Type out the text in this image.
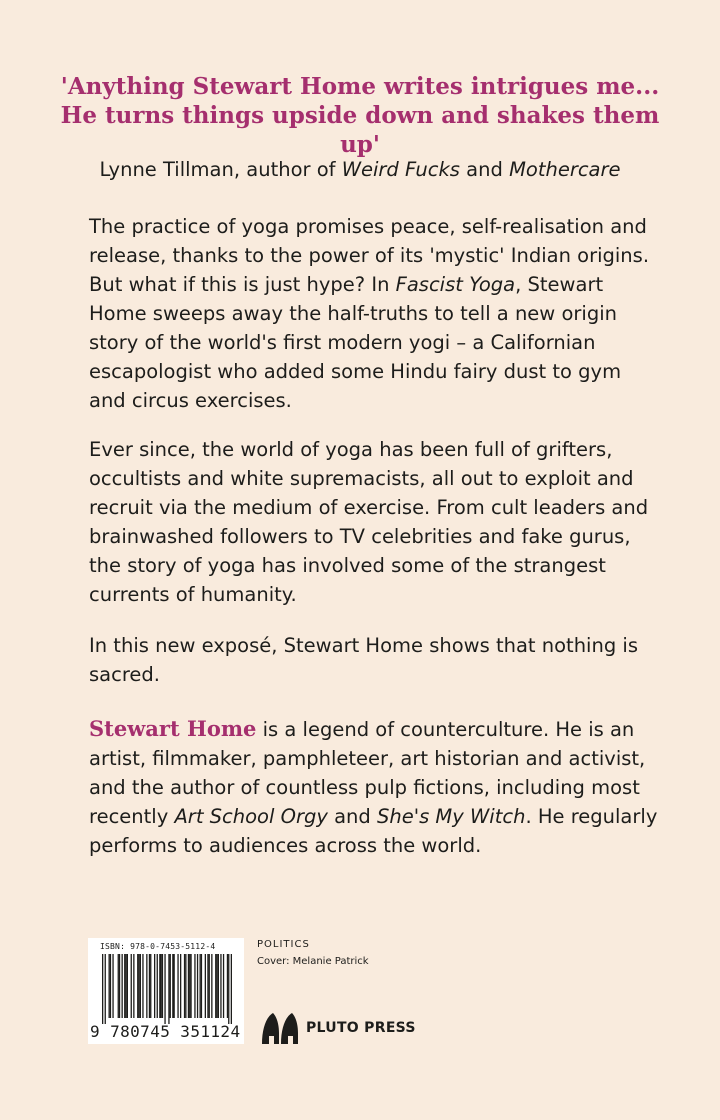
'Anything Stewart Home writes intrigues me... He turns things upside down and shakes them up'

Lynne Tillman, author of Weird Fucks and Mothercare

The practice of yoga promises peace, self-realisation and release, thanks to the power of its 'mystic' Indian origins. But what if this is just hype? In Fascist Yoga, Stewart Home sweeps away the half-truths to tell a new origin story of the world's first modern yogi – a Californian escapologist who added some Hindu fairy dust to gym and circus exercises.

Ever since, the world of yoga has been full of grifters, occultists and white supremacists, all out to exploit and recruit via the medium of exercise. From cult leaders and brainwashed followers to TV celebrities and fake gurus, the story of yoga has involved some of the strangest currents of humanity.

In this new exposé, Stewart Home shows that nothing is sacred.

Stewart Home is a legend of counterculture. He is an artist, filmmaker, pamphleteer, art historian and activist, and the author of countless pulp fictions, including most recently Art School Orgy and She's My Witch. He regularly performs to audiences across the world.

ISBN: 978-0-7453-5112-4

9 780745 351124

POLITICS

Cover: Melanie Patrick

PLUTO PRESS
